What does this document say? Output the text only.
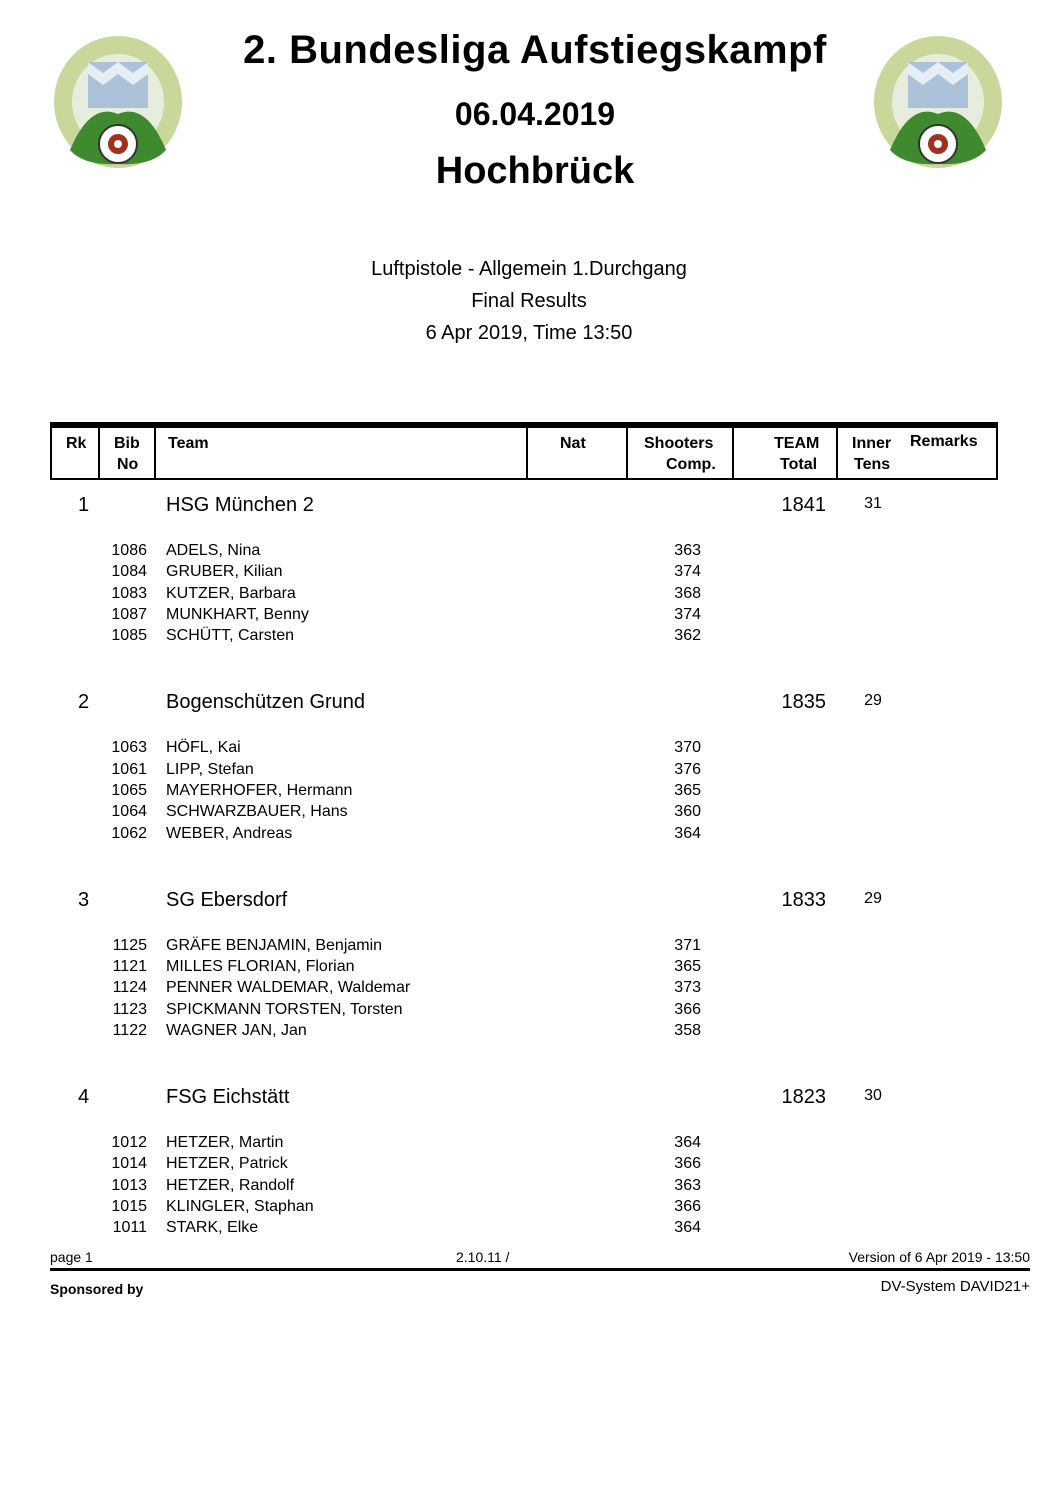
2. Bundesliga Aufstiegskampf
06.04.2019
Hochbrück
Luftpistole - Allgemein 1.Durchgang
Final Results
6 Apr 2019, Time 13:50
Rk Bib
No
Team	Nat	Shooters
Comp.
TEAM
Total
Inner
Tens
Remarks
1	HSG München 2	1841	31
1086 ADELS, Nina	363
1084 GRUBER, Kilian	374
1083 KUTZER, Barbara	368
1087 MUNKHART, Benny	374
1085 SCHÜTT, Carsten	362
2	Bogenschützen Grund	1835	29
1063 HÖFL, Kai	370
1061 LIPP, Stefan	376
1065 MAYERHOFER, Hermann	365
1064 SCHWARZBAUER, Hans	360
1062 WEBER, Andreas	364
3	SG Ebersdorf	1833	29
1125 GRÄFE BENJAMIN, Benjamin	371
1121 MILLES FLORIAN, Florian	365
1124 PENNER WALDEMAR, Waldemar	373
1123 SPICKMANN TORSTEN, Torsten	366
1122 WAGNER JAN, Jan	358
4	FSG Eichstätt	1823	30
1012 HETZER, Martin	364
1014 HETZER, Patrick	366
1013 HETZER, Randolf	363
1015 KLINGLER, Staphan	366
1011 STARK, Elke	364
page 1	2.10.11 /	Version of 6 Apr 2019 - 13:50
Sponsored by	DV-System DAVID21+
